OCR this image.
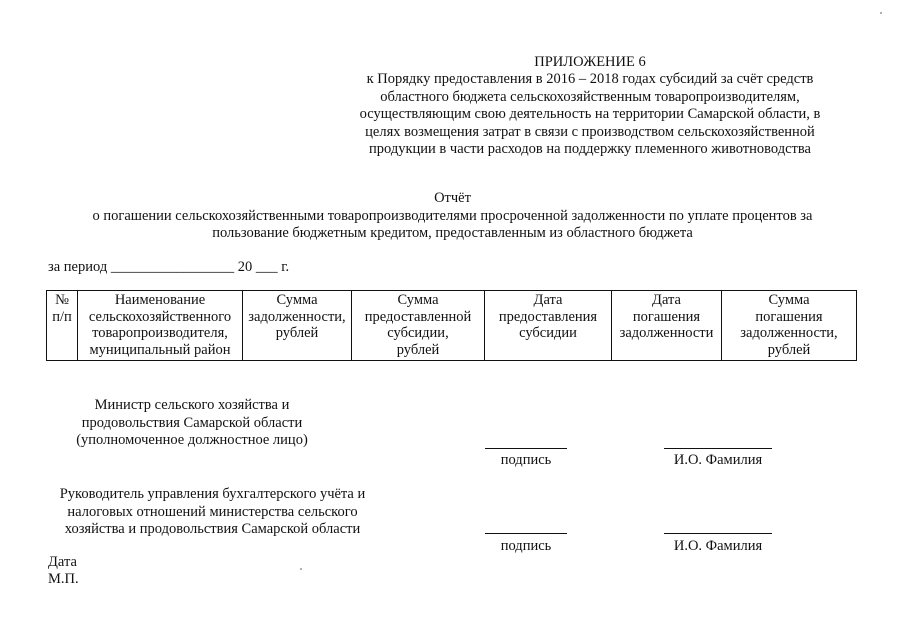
ПРИЛОЖЕНИЕ 6
к Порядку предоставления в 2016 – 2018 годах субсидий за счёт средств
областного бюджета сельскохозяйственным товаропроизводителям,
осуществляющим свою деятельность на территории Самарской области, в
целях возмещения затрат в связи с производством сельскохозяйственной
продукции в части расходов на поддержку племенного животноводства
Отчёт
о погашении сельскохозяйственными товаропроизводителями просроченной задолженности по уплате процентов за
пользование бюджетным кредитом, предоставленным из областного бюджета
за период _________________ 20 ___ г.
№
п/п

Наименование
сельскохозяйственного
товаропроизводителя,
муниципальный район

Сумма
задолженности,
рублей

Сумма
предоставленной
субсидии,
рублей

Дата
предоставления
субсидии

Дата
погашения
задолженности

Сумма
погашения
задолженности,
рублей
Министр сельского хозяйства и
продовольствия Самарской области
(уполномоченное должностное лицо)
подпись	И.О. Фамилия
Руководитель управления бухгалтерского учёта и
налоговых отношений министерства сельского
хозяйства и продовольствия Самарской области
подпись	И.О. Фамилия
Дата
М.П.
